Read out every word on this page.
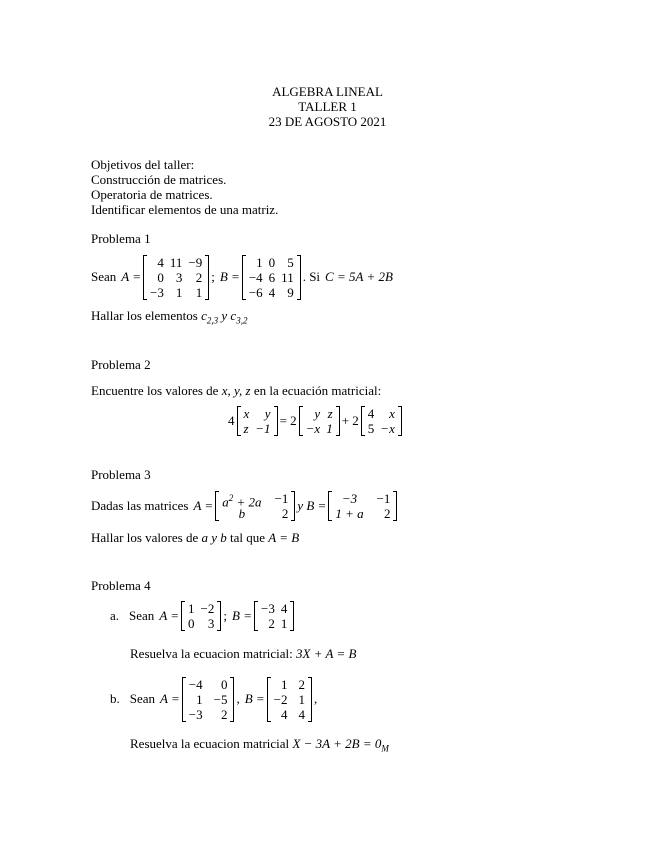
ALGEBRA LINEAL
TALLER 1
23 DE AGOSTO 2021
Objetivos del taller:
Construcción de matrices.
Operatoria de matrices.
Identificar elementos de una matriz.
Problema 1
Sean A =
4
0
−3
11
3
1
−9
2
1
; B =
1
−4
−6
0
6
4
5
11
9
. Si C = 5A + 2B
Hallar los elementos $c_{2,3}$ y $c_{3,2}$
Problema 2
Encuentre los valores de x, y, z en la ecuación matricial:
4 x
z
y
−1
= 2	y
−x
z
1
+ 2 4
5
x
−x
Problema 3
Dadas las matrices $A = a^2 + 2a$
b
−1
2
y B =	−3
1 + a
−1
2
Hallar los valores de a y b tal que A = B
Problema 4
a. Sean A = 1
0
−2
3
; B = −3
2
4
1
Resuelva la ecuacion matricial: 3X + A = B
b. Sean A =
−4
1
−3
0
−5
2
, B =
1
−2
4
2
1
4
,
Resuelva la ecuacion matricial $X - 3A + 2B = 0_M$
